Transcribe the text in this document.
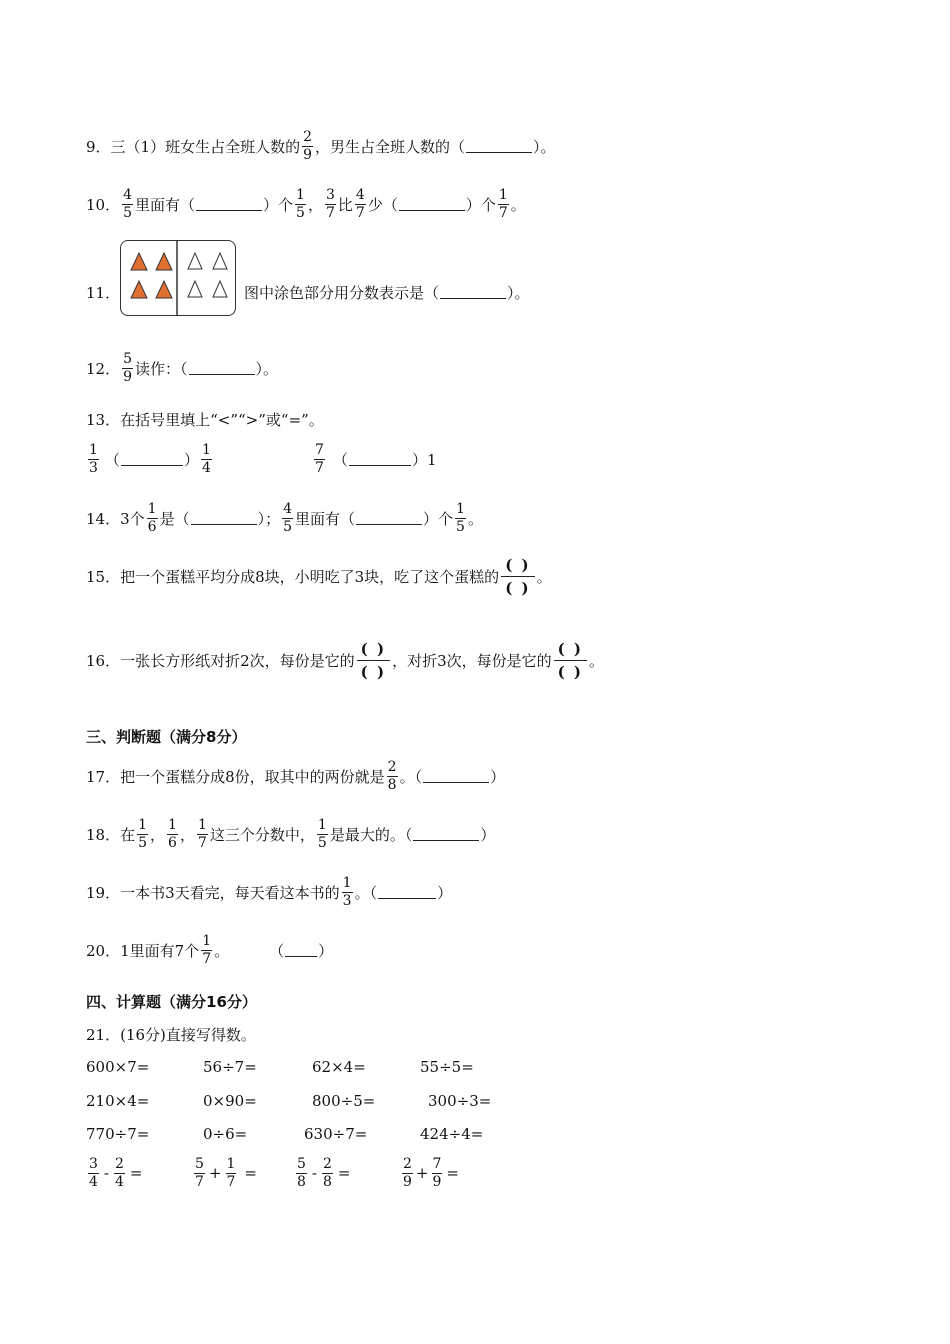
9．三（1）班女生占全班人数的 $\frac{2}{9}$ ，男生占全班人数的（	）。
10． $\frac{4}{5}$ 里面有（	）个 $\frac{1}{5}$ ， $\frac{3}{7}$ 比 $\frac{4}{7}$ 少（	）个 $\frac{1}{7}$ 。
11．	图中涂色部分用分数表示是（	）。
12． $\frac{5}{9}$ 读作：（	）。
13．在括号里填上“<”“>”或“=”。
$\frac{1}{3}$ （	） $\frac{1}{4}$	$\frac{7}{7}$ （	）1
14．3个 $\frac{1}{6}$ 是（	）； $\frac{4}{5}$ 里面有（	）个 $\frac{1}{5}$ 。
15．把一个蛋糕平均分成8块，小明吃了3块，吃了这个蛋糕的 $\frac{( )}{( )}$ 。
16．一张长方形纸对折2次，每份是它的 $\frac{( )}{( )}$ ，对折3次，每份是它的 $\frac{( )}{( )}$ 。
三、判断题（满分8分）
17．把一个蛋糕分成8份，取其中的两份就是 $\frac{2}{8}$ 。（	）
18．在 $\frac{1}{5}$ ， $\frac{1}{6}$ ， $\frac{1}{7}$ 这三个分数中， $\frac{1}{5}$ 是最大的。（	）
19．一本书3天看完，每天看这本书的 $\frac{1}{3}$ 。（	）
20．1里面有7个 $\frac{1}{7}$ 。	（ ）
四、计算题（满分16分）
21．(16分)直接写得数。
600×7=	56÷7=	62×4=	55÷5=
210×4=	0×90=	800÷5=	300÷3=
770÷7=	0÷6=	630÷7=	424÷4=
$\frac{3}{4} - \frac{2}{4}$ =	$\frac{5}{7} + \frac{1}{7}$ =	$\frac{5}{8} - \frac{2}{8}$ =	$\frac{2}{9} + \frac{7}{9}$ =
